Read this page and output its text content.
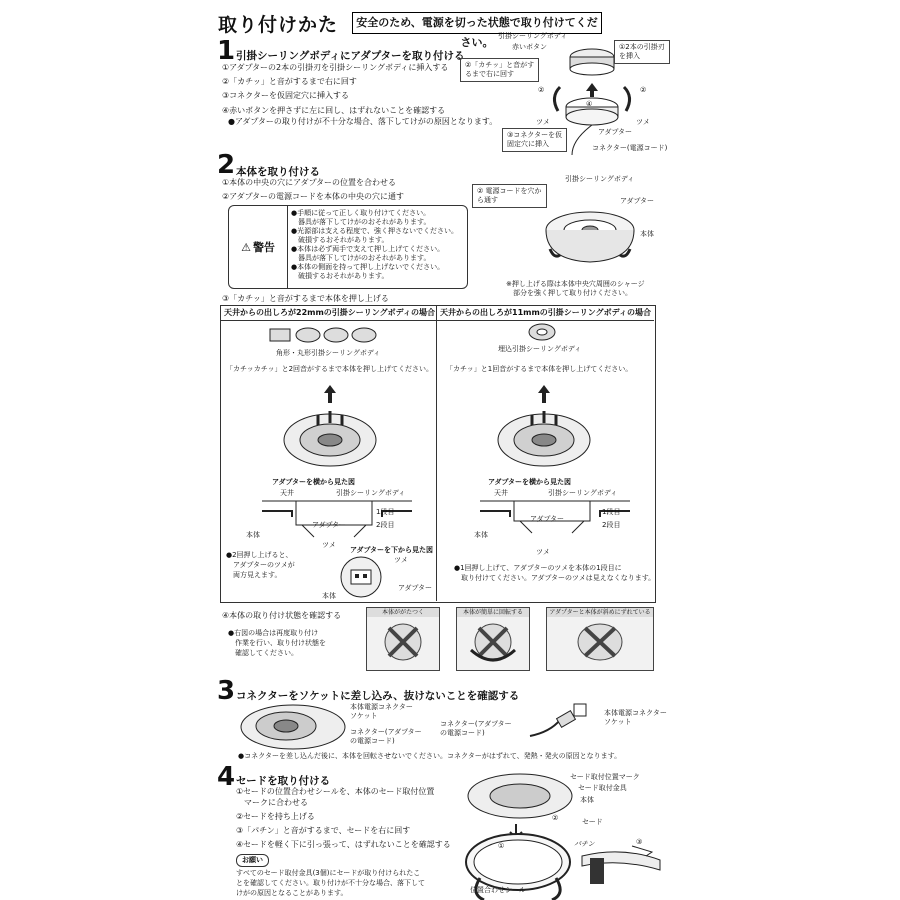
取り付けかた	安全のため、電源を切った状態で取り付けてください。
1 引掛シーリングボディにアダプターを取り付ける
①アダプターの2本の引掛刃を引掛シーリングボディに挿入する
②「カチッ」と音がするまで右に回す
③コネクターを仮固定穴に挿入する
④赤いボタンを押さずに左に回し、はずれないことを確認する
●アダプターの取り付けが不十分な場合、落下してけがの原因となります。
引掛シーリングボディ
赤いボタン	①2本の引掛刃
を挿入
②「カチッ」と音がす
るまで右に回す
②	②
ツメ	ツメ
アダプター
③コネクターを仮
固定穴に挿入	コネクター(電源コード)
④
2 本体を取り付ける
①本体の中央の穴にアダプターの位置を合わせる
②アダプターの電源コードを本体の中央の穴に通す
⚠ 警告
●手順に従って正しく取り付けてください。
　器具が落下してけがのおそれがあります。
●光源部は支える程度で、強く押さないでください。
　破損するおそれがあります。
●本体は必ず両手で支えて押し上げてください。
　器具が落下してけがのおそれがあります。
●本体の側面を持って押し上げないでください。
　破損するおそれがあります。
③「カチッ」と音がするまで本体を押し上げる
引掛シーリングボディ
② 電源コードを穴か
ら通す	アダプター
本体
※押し上げる際は本体中央穴周囲のシャージ
　部分を強く押して取り付けください。
天井からの出しろが22mmの引掛シーリングボディの場合 天井からの出しろが11mmの引掛シーリングボディの場合
角形・丸形引掛シーリングボディ
「カチッカチッ」と2回音がするまで本体を押し上げてください。
アダプターを横から見た図
天井	引掛シーリングボディ
アダプター
1段目
2段目
本体
ツメ
●2回押し上げると、
　アダプターのツメが
　両方見えます。
アダプターを下から見た図
ツメ
アダプター
本体
埋込引掛シーリングボディ
「カチッ」と1回音がするまで本体を押し上げてください。
アダプターを横から見た図
天井	引掛シーリングボディ
アダプター
1段目
2段目
本体
ツメ
●1回押し上げて、アダプターのツメを本体の1段目に
　取り付けてください。アダプターのツメは見えなくなります。
④本体の取り付け状態を確認する
●右図の場合は再度取り付け
　作業を行い、取り付け状態を
　確認してください。
本体ががたつく	本体が簡単に回転する	アダプターと本体が斜めにずれている
3 コネクターをソケットに差し込み、抜けないことを確認する
本体電源コネクター
ソケット
コネクター(アダプター
の電源コード)
コネクター(アダプター
の電源コード)
本体電源コネクター
ソケット
●コネクターを差し込んだ後に、本体を回転させないでください。コネクターがはずれて、発熱・発火の原因となります。
4 セードを取り付ける
①セードの位置合わせシールを、本体のセード取付位置
　マークに合わせる
②セードを持ち上げる
③「パチン」と音がするまで、セードを右に回す
④セードを軽く下に引っ張って、はずれないことを確認する
お願い
すべてのセード取付金具(3個)にセードが取り付けられたこ
とを確認してください。取り付けが不十分な場合、落下して
けがの原因となることがあります。
セード取付位置マーク
セード取付金具
本体
セード
①
②
③
パチン
位置合わせシール
